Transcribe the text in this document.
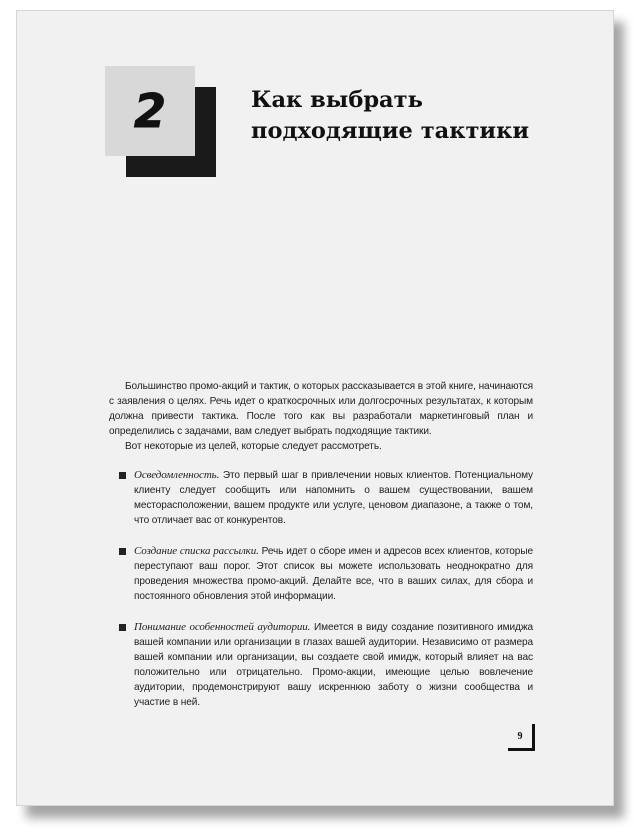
2	Как выбрать подходящие тактики

Большинство промо-акций и тактик, о которых рассказывается в этой книге, начинаются с заявления о целях. Речь идет о краткосрочных или долгосрочных результатах, к которым должна привести тактика. После того как вы разработали маркетинговый план и определились с задачами, вам следует выбрать подходящие тактики.

Вот некоторые из целей, которые следует рассмотреть.

Осведомленность. Это первый шаг в привлечении новых клиентов. Потенциальному клиенту следует сообщить или напомнить о вашем существовании, вашем месторасположении, вашем продукте или услуге, ценовом диапазоне, а также о том, что отличает вас от конкурентов.
Создание списка рассылки. Речь идет о сборе имен и адресов всех клиентов, которые переступают ваш порог. Этот список вы можете использовать неоднократно для проведения множества промо-акций. Делайте все, что в ваших силах, для сбора и постоянного обновления этой информации.
Понимание особенностей аудитории. Имеется в виду создание позитивного имиджа вашей компании или организации в глазах вашей аудитории. Независимо от размера вашей компании или организации, вы создаете свой имидж, который влияет на вас положительно или отрицательно. Промо-акции, имеющие целью вовлечение аудитории, продемонстрируют вашу искреннюю заботу о жизни сообщества и участие в ней.
9
